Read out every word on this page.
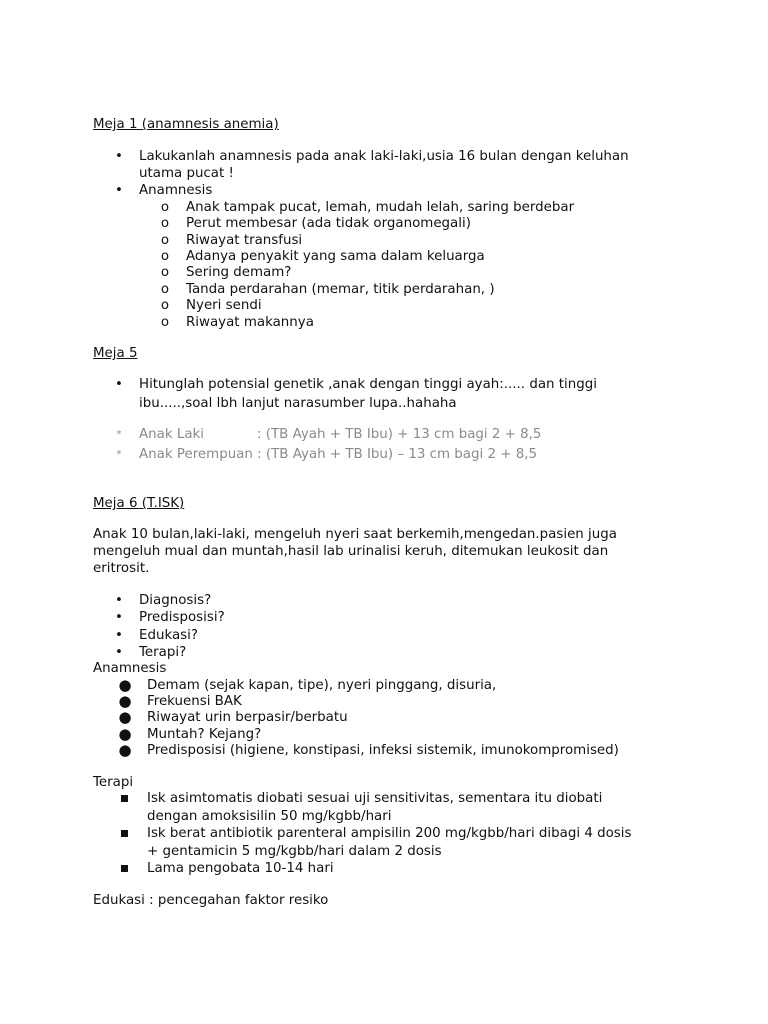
Meja 1 (anamnesis anemia)
• Lakukanlah anamnesis pada anak laki-laki,usia 16 bulan dengan keluhan
utama pucat !
• Anamnesis
o Anak tampak pucat, lemah, mudah lelah, saring berdebar
o Perut membesar (ada tidak organomegali)
o Riwayat transfusi
o Adanya penyakit yang sama dalam keluarga
o Sering demam?
o Tanda perdarahan (memar, titik perdarahan, )
o Nyeri sendi
o Riwayat makannya
Meja 5
• Hitunglah potensial genetik ,anak dengan tinggi ayah:..... dan tinggi
ibu.....,soal lbh lanjut narasumber lupa..hahaha
*	Anak Laki	: (TB Ayah + TB Ibu) + 13 cm bagi 2 + 8,5
*	Anak Perempuan : (TB Ayah + TB Ibu) – 13 cm bagi 2 + 8,5
Meja 6 (T.ISK)
Anak 10 bulan,laki-laki, mengeluh nyeri saat berkemih,mengedan.pasien juga
mengeluh mual dan muntah,hasil lab urinalisi keruh, ditemukan leukosit dan
eritrosit.
• Diagnosis?
• Predisposisi?
• Edukasi?
• Terapi?
Anamnesis
● Demam (sejak kapan, tipe), nyeri pinggang, disuria,
● Frekuensi BAK
● Riwayat urin berpasir/berbatu
● Muntah? Kejang?
● Predisposisi (higiene, konstipasi, infeksi sistemik, imunokompromised)
Terapi
Isk asimtomatis diobati sesuai uji sensitivitas, sementara itu diobati
dengan amoksisilin 50 mg/kgbb/hari
Isk berat antibiotik parenteral ampisilin 200 mg/kgbb/hari dibagi 4 dosis
+ gentamicin 5 mg/kgbb/hari dalam 2 dosis
Lama pengobata 10-14 hari
Edukasi : pencegahan faktor resiko
